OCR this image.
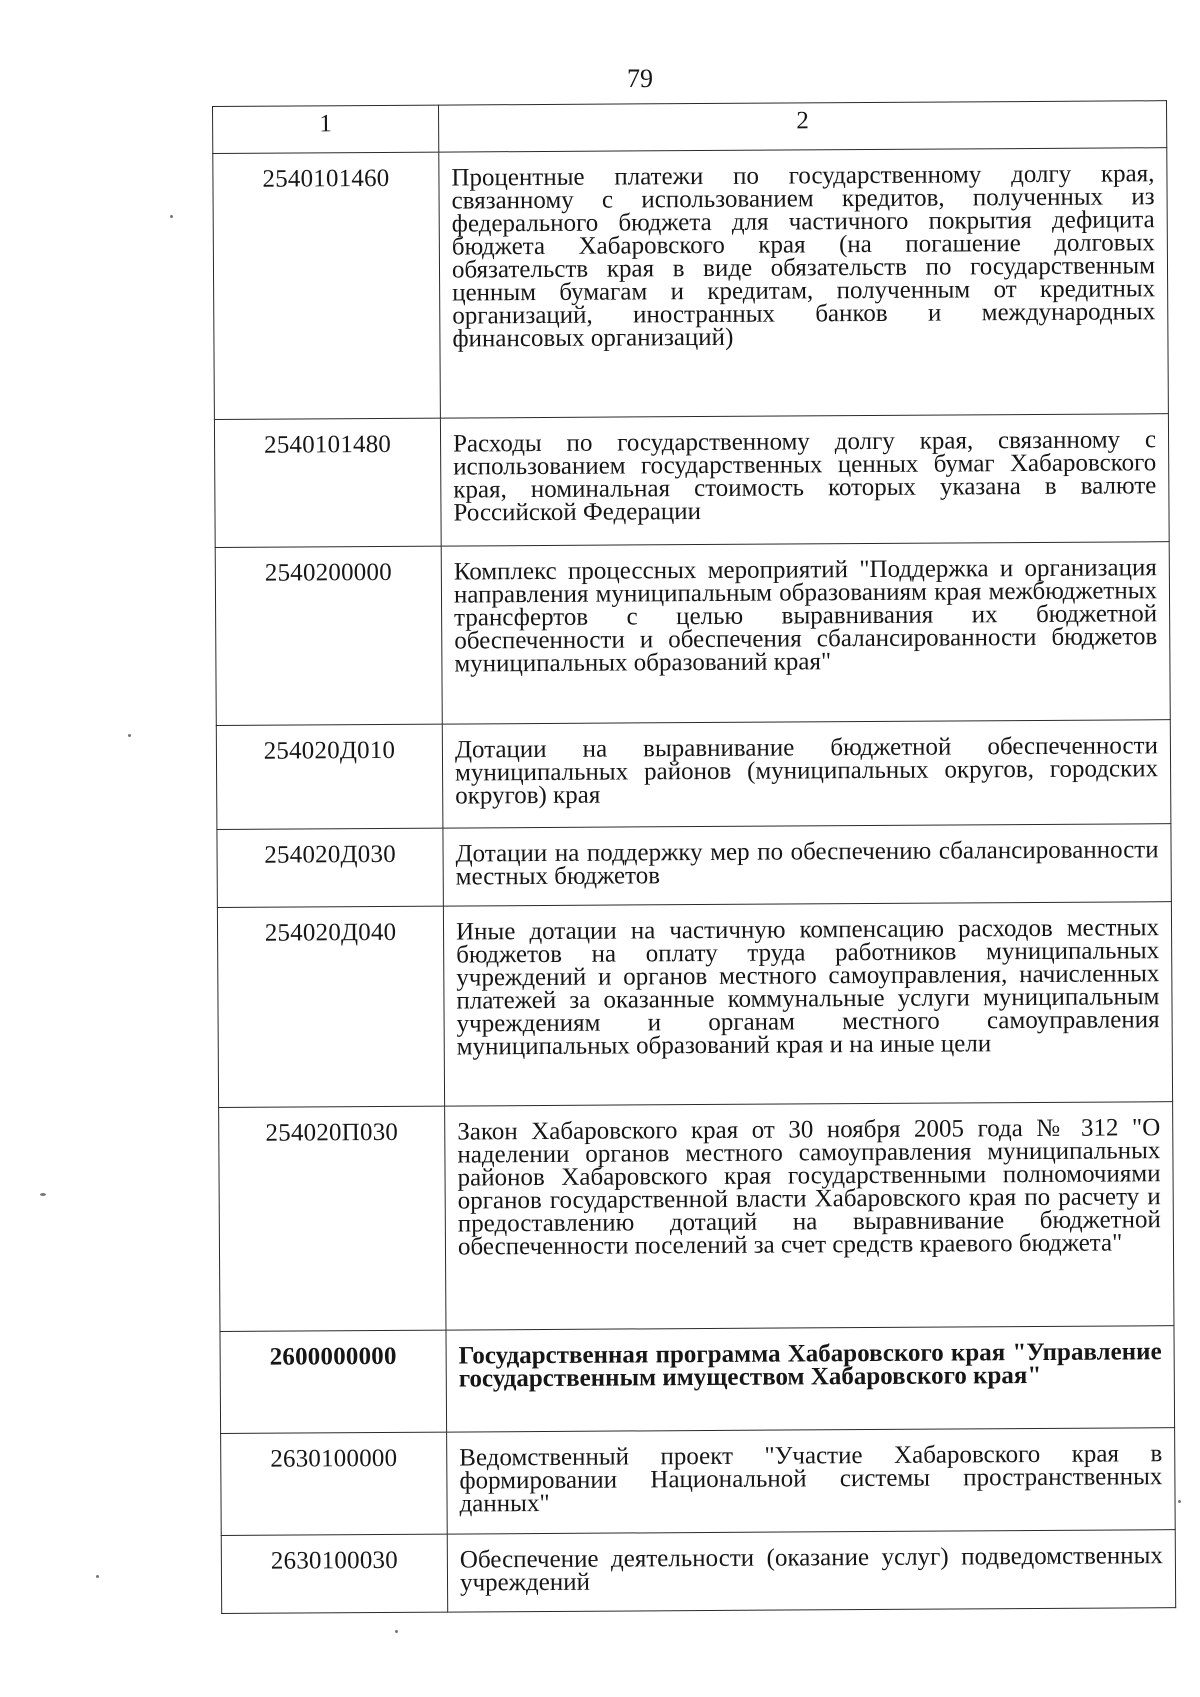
79
1	2
2540101460	Процентные платежи по государственному долгу края, связанному с использованием кредитов, полученных из федерального бюджета для частичного покрытия дефицита бюджета Хабаровского края (на погашение долговых обязательств края в виде обязательств по государственным ценным бумагам и кредитам, полученным от кредитных организаций, иностранных банков и международных финансовых организаций)
2540101480	Расходы по государственному долгу края, связанному с использованием государственных ценных бумаг Хабаровского края, номинальная стоимость которых указана в валюте Российской Федерации
2540200000	Комплекс процессных мероприятий "Поддержка и организация направления муниципальным образованиям края межбюджетных трансфертов с целью выравнивания их бюджетной обеспеченности и обеспечения сбалансированности бюджетов муниципальных образований края"
254020Д010	Дотации на выравнивание бюджетной обеспеченности муниципальных районов (муниципальных округов, городских округов) края
254020Д030	Дотации на поддержку мер по обеспечению сбалансированности местных бюджетов
254020Д040	Иные дотации на частичную компенсацию расходов местных бюджетов на оплату труда работников муниципальных учреждений и органов местного самоуправления, начисленных платежей за оказанные коммунальные услуги муниципальным учреждениям и органам местного самоуправления муниципальных образований края и на иные цели
254020П030	Закон Хабаровского края от 30 ноября 2005 года № 312 "О наделении органов местного самоуправления муниципальных районов Хабаровского края государственными полномочиями органов государственной власти Хабаровского края по расчету и предоставлению дотаций на выравнивание бюджетной обеспеченности поселений за счет средств краевого бюджета"
2600000000	Государственная программа Хабаровского края "Управление государственным имуществом Хабаровского края"
2630100000	Ведомственный проект "Участие Хабаровского края в формировании Национальной системы пространственных данных"
2630100030	Обеспечение деятельности (оказание услуг) подведомственных учреждений
